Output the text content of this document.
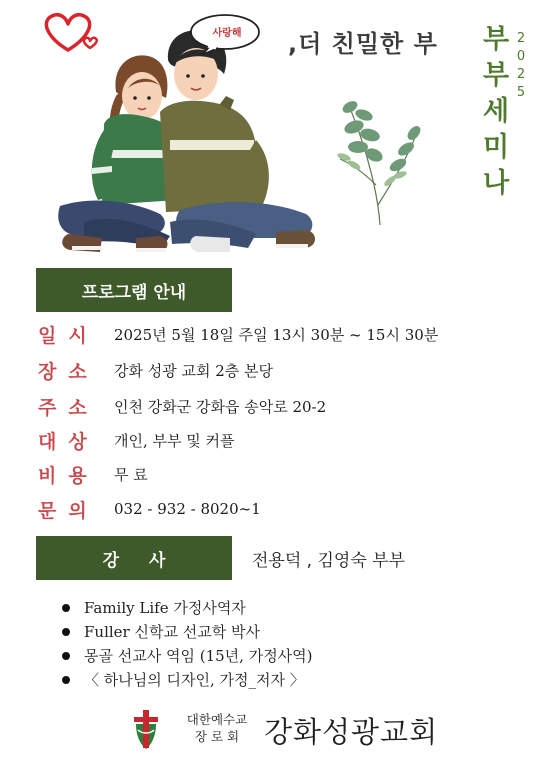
사랑해	,더 친밀한 부 부
부
세
미
나
2
0
2
5
프로그램 안내
일시	2025년 5월 18일 주일 13시 30분 ~ 15시 30분
장소	강화 성광 교회 2층 본당
주소	인천 강화군 강화읍 송악로 20-2
대상	개인, 부부 및 커플
비용	무 료
문의	032 - 932 - 8020~1
강사	전용덕 , 김영숙 부부
Family Life 가정사역자
Fuller 신학교 선교학 박사
몽골 선교사 역임 (15년, 가정사역)
〈 하나님의 디자인, 가정_저자 〉
대한예수교
장 로 회 강화성광교회
